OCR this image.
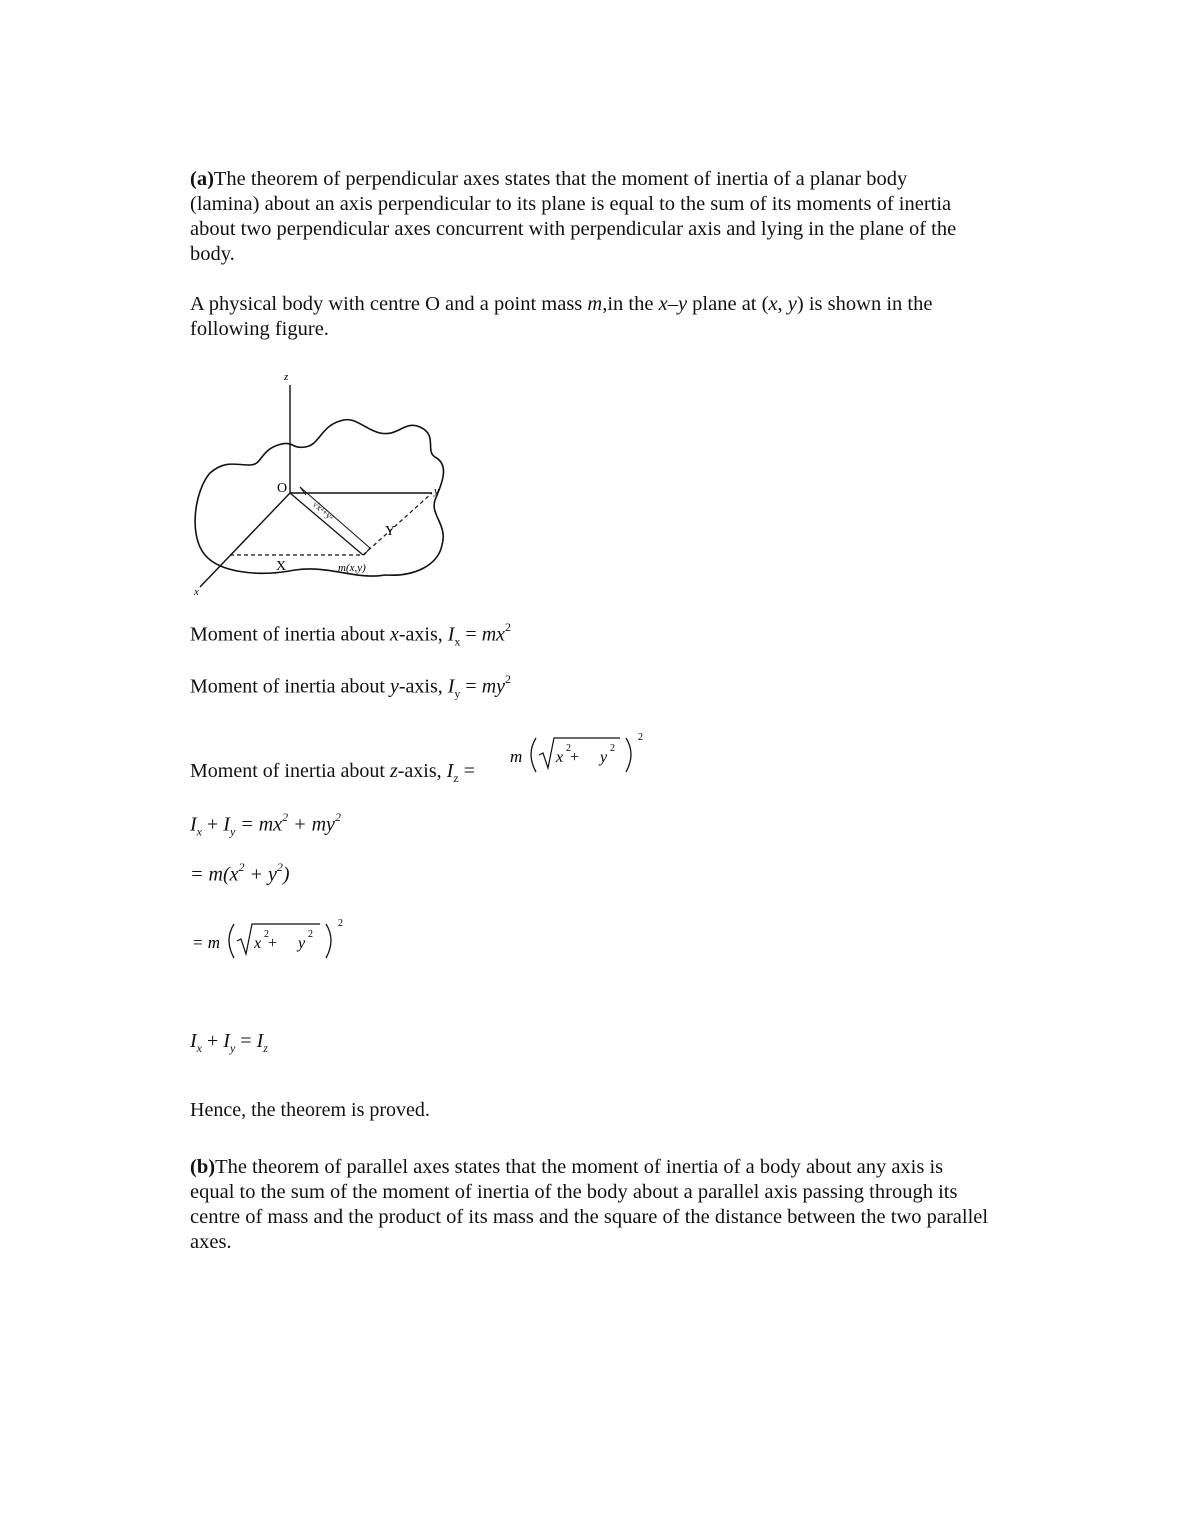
(a)The theorem of perpendicular axes states that the moment of inertia of a planar body (lamina) about an axis perpendicular to its plane is equal to the sum of its moments of inertia about two perpendicular axes concurrent with perpendicular axis and lying in the plane of the body.

A physical body with centre O and a point mass m,in the x–y plane at (x, y) is shown in the following figure.

z
O	y
x
X
Y
m(x,y)
√x²+y²
Moment of inertia about x-axis, $I_x = mx^2$
Moment of inertia about y-axis, $I_y = my^2$
Moment of inertia about z-axis, $I_z$ =
m x
2
+ y
2
2
$I_x + I_y = mx^2 + my^2$
= $m(x^2 + y^2)$
= m x
2
+ y
2
2
$I_x + I_y = I_z$
Hence, the theorem is proved.

(b)The theorem of parallel axes states that the moment of inertia of a body about any axis is equal to the sum of the moment of inertia of the body about a parallel axis passing through its centre of mass and the product of its mass and the square of the distance between the two parallel axes.
